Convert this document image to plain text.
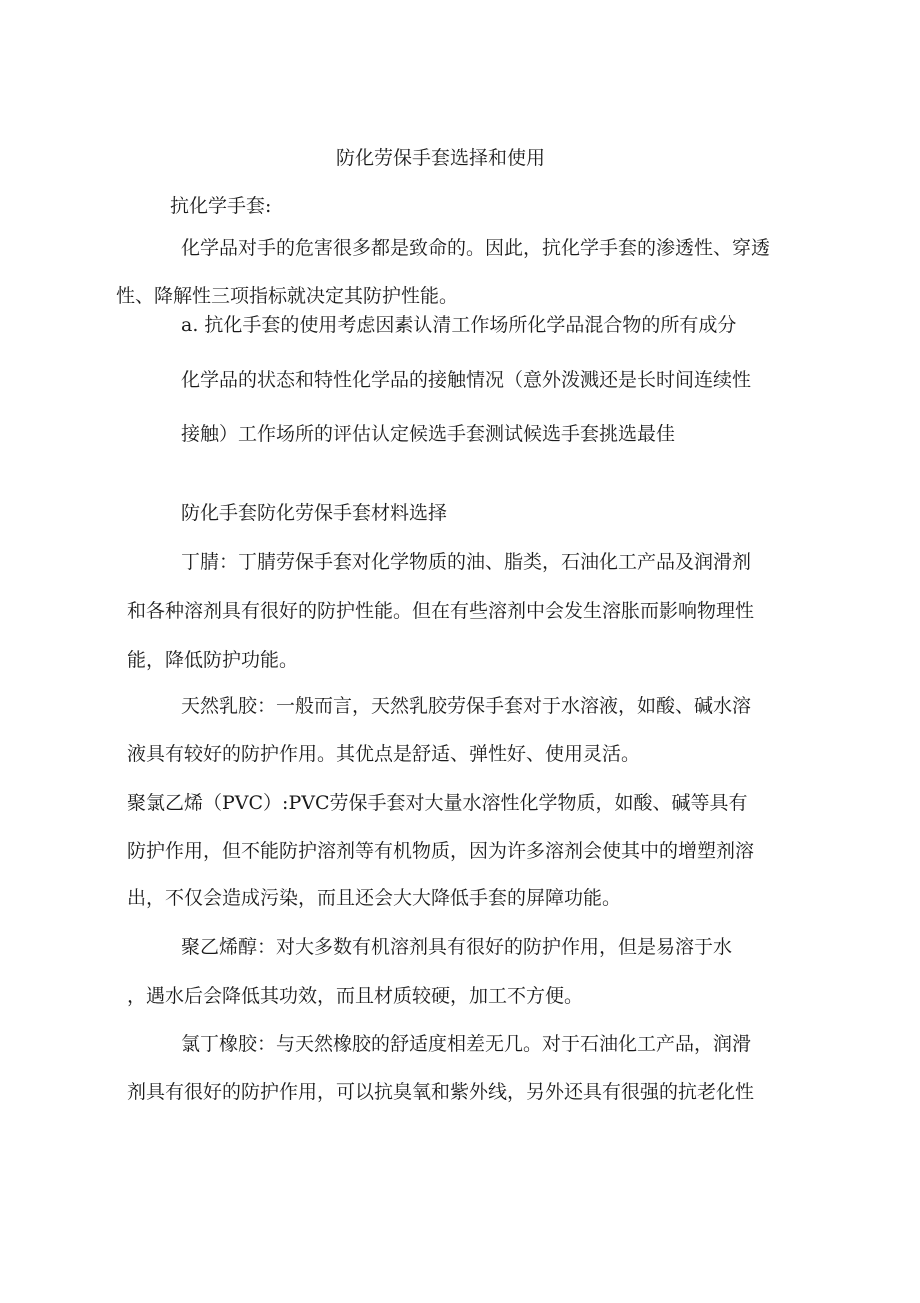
防化劳保手套选择和使用

抗化学手套:

化学品对手的危害很多都是致命的。因此，抗化学手套的渗透性、穿透

性、降解性三项指标就决定其防护性能。

a. 抗化手套的使用考虑因素认清工作场所化学品混合物的所有成分

化学品的状态和特性化学品的接触情况（意外泼溅还是长时间连续性

接触）工作场所的评估认定候选手套测试候选手套挑选最佳

防化手套防化劳保手套材料选择

丁腈：丁腈劳保手套对化学物质的油、脂类，石油化工产品及润滑剂

和各种溶剂具有很好的防护性能。但在有些溶剂中会发生溶胀而影响物理性

能，降低防护功能。

天然乳胶：一般而言，天然乳胶劳保手套对于水溶液，如酸、碱水溶

液具有较好的防护作用。其优点是舒适、弹性好、使用灵活。

聚氯乙烯（PVC）:PVC劳保手套对大量水溶性化学物质，如酸、碱等具有

防护作用，但不能防护溶剂等有机物质，因为许多溶剂会使其中的增塑剂溶

出，不仅会造成污染，而且还会大大降低手套的屏障功能。

聚乙烯醇：对大多数有机溶剂具有很好的防护作用，但是易溶于水

，遇水后会降低其功效，而且材质较硬，加工不方便。

氯丁橡胶：与天然橡胶的舒适度相差无几。对于石油化工产品，润滑

剂具有很好的防护作用，可以抗臭氧和紫外线，另外还具有很强的抗老化性
